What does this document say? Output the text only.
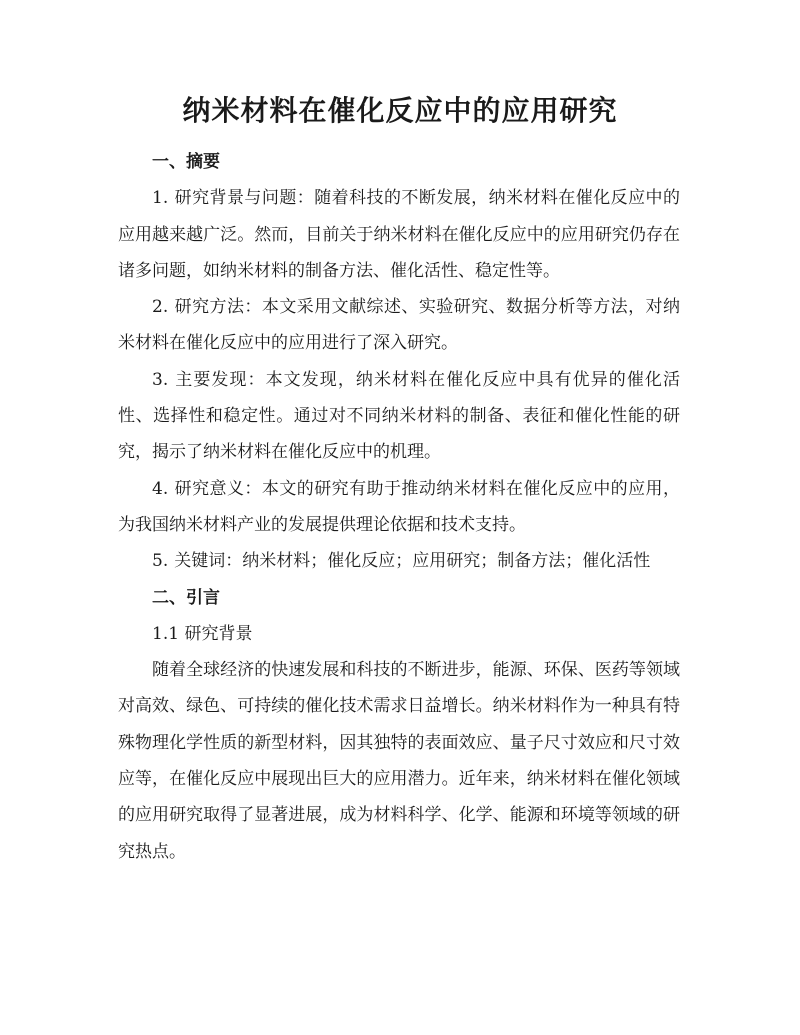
纳米材料在催化反应中的应用研究

一、摘要

1. 研究背景与问题：随着科技的不断发展，纳米材料在催化反应中的应用越来越广泛。然而，目前关于纳米材料在催化反应中的应用研究仍存在诸多问题，如纳米材料的制备方法、催化活性、稳定性等。

2. 研究方法：本文采用文献综述、实验研究、数据分析等方法，对纳米材料在催化反应中的应用进行了深入研究。

3. 主要发现：本文发现，纳米材料在催化反应中具有优异的催化活性、选择性和稳定性。通过对不同纳米材料的制备、表征和催化性能的研究，揭示了纳米材料在催化反应中的机理。

4. 研究意义：本文的研究有助于推动纳米材料在催化反应中的应用，为我国纳米材料产业的发展提供理论依据和技术支持。

5. 关键词：纳米材料；催化反应；应用研究；制备方法；催化活性

二、引言

1.1 研究背景

随着全球经济的快速发展和科技的不断进步，能源、环保、医药等领域对高效、绿色、可持续的催化技术需求日益增长。纳米材料作为一种具有特殊物理化学性质的新型材料，因其独特的表面效应、量子尺寸效应和尺寸效应等，在催化反应中展现出巨大的应用潜力。近年来，纳米材料在催化领域的应用研究取得了显著进展，成为材料科学、化学、能源和环境等领域的研究热点。
